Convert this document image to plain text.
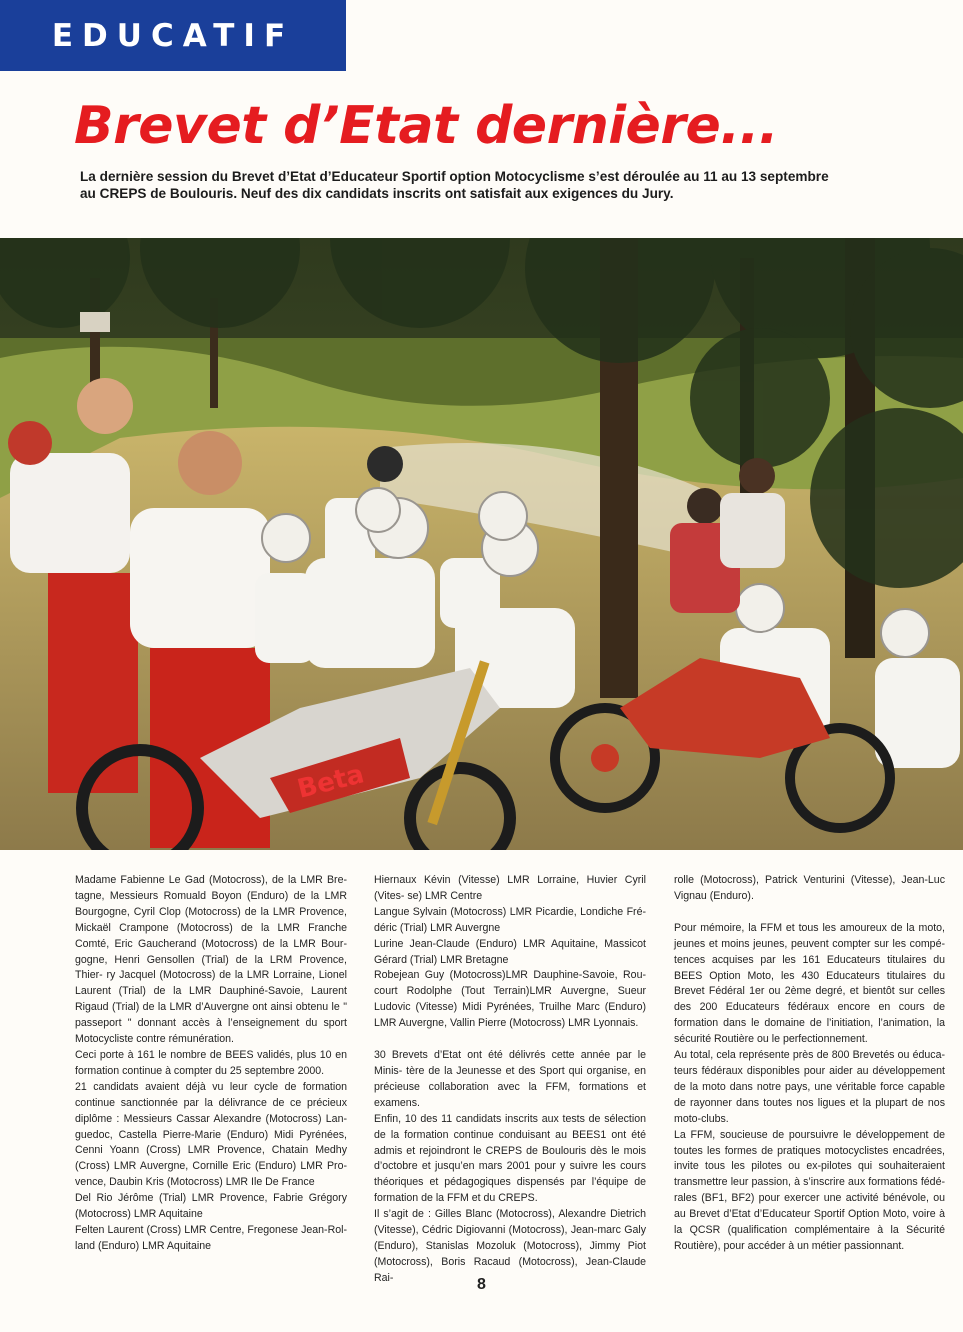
EDUCATIF
Brevet d’Etat dernière...

La dernière session du Brevet d’Etat d’Educateur Sportif option Motocyclisme s’est déroulée au 11 au 13 septembre

au CREPS de Boulouris. Neuf des dix candidats inscrits ont satisfait aux exigences du Jury.

Beta

Madame Fabienne Le Gad (Motocross), de la LMR Bre- tagne, Messieurs Romuald Boyon (Enduro) de la LMR Bourgogne, Cyril Clop (Motocross) de la LMR Provence, Mickaël Crampone (Motocross) de la LMR Franche Comté, Eric Gaucherand (Motocross) de la LMR Bour- gogne, Henri Gensollen (Trial) de la LRM Provence, Thier- ry Jacquel (Motocross) de la LMR Lorraine, Lionel Laurent (Trial) de la LMR Dauphiné-Savoie, Laurent Rigaud (Trial) de la LMR d’Auvergne ont ainsi obtenu le " passeport " donnant accès à l’enseignement du sport Motocycliste contre rémunération.

Ceci porte à 161 le nombre de BEES validés, plus 10 en formation continue à compter du 25 septembre 2000.

21 candidats avaient déjà vu leur cycle de formation continue sanctionnée par la délivrance de ce précieux diplôme : Messieurs Cassar Alexandre (Motocross) Lan- guedoc, Castella Pierre-Marie (Enduro) Midi Pyrénées, Cenni Yoann (Cross) LMR Provence, Chatain Medhy (Cross) LMR Auvergne, Cornille Eric (Enduro) LMR Pro- vence, Daubin Kris (Motocross) LMR Ile De France

Del Rio Jérôme (Trial) LMR Provence, Fabrie Grégory (Motocross) LMR Aquitaine

Felten Laurent (Cross) LMR Centre, Fregonese Jean-Rol- land (Enduro) LMR Aquitaine

Hiernaux Kévin (Vitesse) LMR Lorraine, Huvier Cyril (Vites- se) LMR Centre

Langue Sylvain (Motocross) LMR Picardie, Londiche Fré- déric (Trial) LMR Auvergne

Lurine Jean-Claude (Enduro) LMR Aquitaine, Massicot Gérard (Trial) LMR Bretagne

Robejean Guy (Motocross)LMR Dauphine-Savoie, Rou- court Rodolphe (Tout Terrain)LMR Auvergne, Sueur Ludovic (Vitesse) Midi Pyrénées, Truilhe Marc (Enduro) LMR Auvergne, Vallin Pierre (Motocross) LMR Lyonnais.

30 Brevets d’Etat ont été délivrés cette année par le Minis- tère de la Jeunesse et des Sport qui organise, en précieuse collaboration avec la FFM, formations et examens.

Enfin, 10 des 11 candidats inscrits aux tests de sélection de la formation continue conduisant au BEES1 ont été admis et rejoindront le CREPS de Boulouris dès le mois d’octobre et jusqu’en mars 2001 pour y suivre les cours théoriques et pédagogiques dispensés par l’équipe de formation de la FFM et du CREPS.

Il s’agit de : Gilles Blanc (Motocross), Alexandre Dietrich (Vitesse), Cédric Digiovanni (Motocross), Jean-marc Galy (Enduro), Stanislas Mozoluk (Motocross), Jimmy Piot (Motocross), Boris Racaud (Motocross), Jean-Claude Rai-

rolle (Motocross), Patrick Venturini (Vitesse), Jean-Luc Vignau (Enduro).

Pour mémoire, la FFM et tous les amoureux de la moto, jeunes et moins jeunes, peuvent compter sur les compé- tences acquises par les 161 Educateurs titulaires du BEES Option Moto, les 430 Educateurs titulaires du Brevet Fédéral 1er ou 2ème degré, et bientôt sur celles des 200 Educateurs fédéraux encore en cours de formation dans le domaine de l’initiation, l’animation, la sécurité Routière ou le perfectionnement.

Au total, cela représente près de 800 Brevetés ou éduca- teurs fédéraux disponibles pour aider au développement de la moto dans notre pays, une véritable force capable de rayonner dans toutes nos ligues et la plupart de nos moto-clubs.

La FFM, soucieuse de poursuivre le développement de toutes les formes de pratiques motocyclistes encadrées, invite tous les pilotes ou ex-pilotes qui souhaiteraient transmettre leur passion, à s’inscrire aux formations fédé- rales (BF1, BF2) pour exercer une activité bénévole, ou au Brevet d’Etat d’Educateur Sportif Option Moto, voire à la QCSR (qualification complémentaire à la Sécurité Routière), pour accéder à un métier passionnant.

8
